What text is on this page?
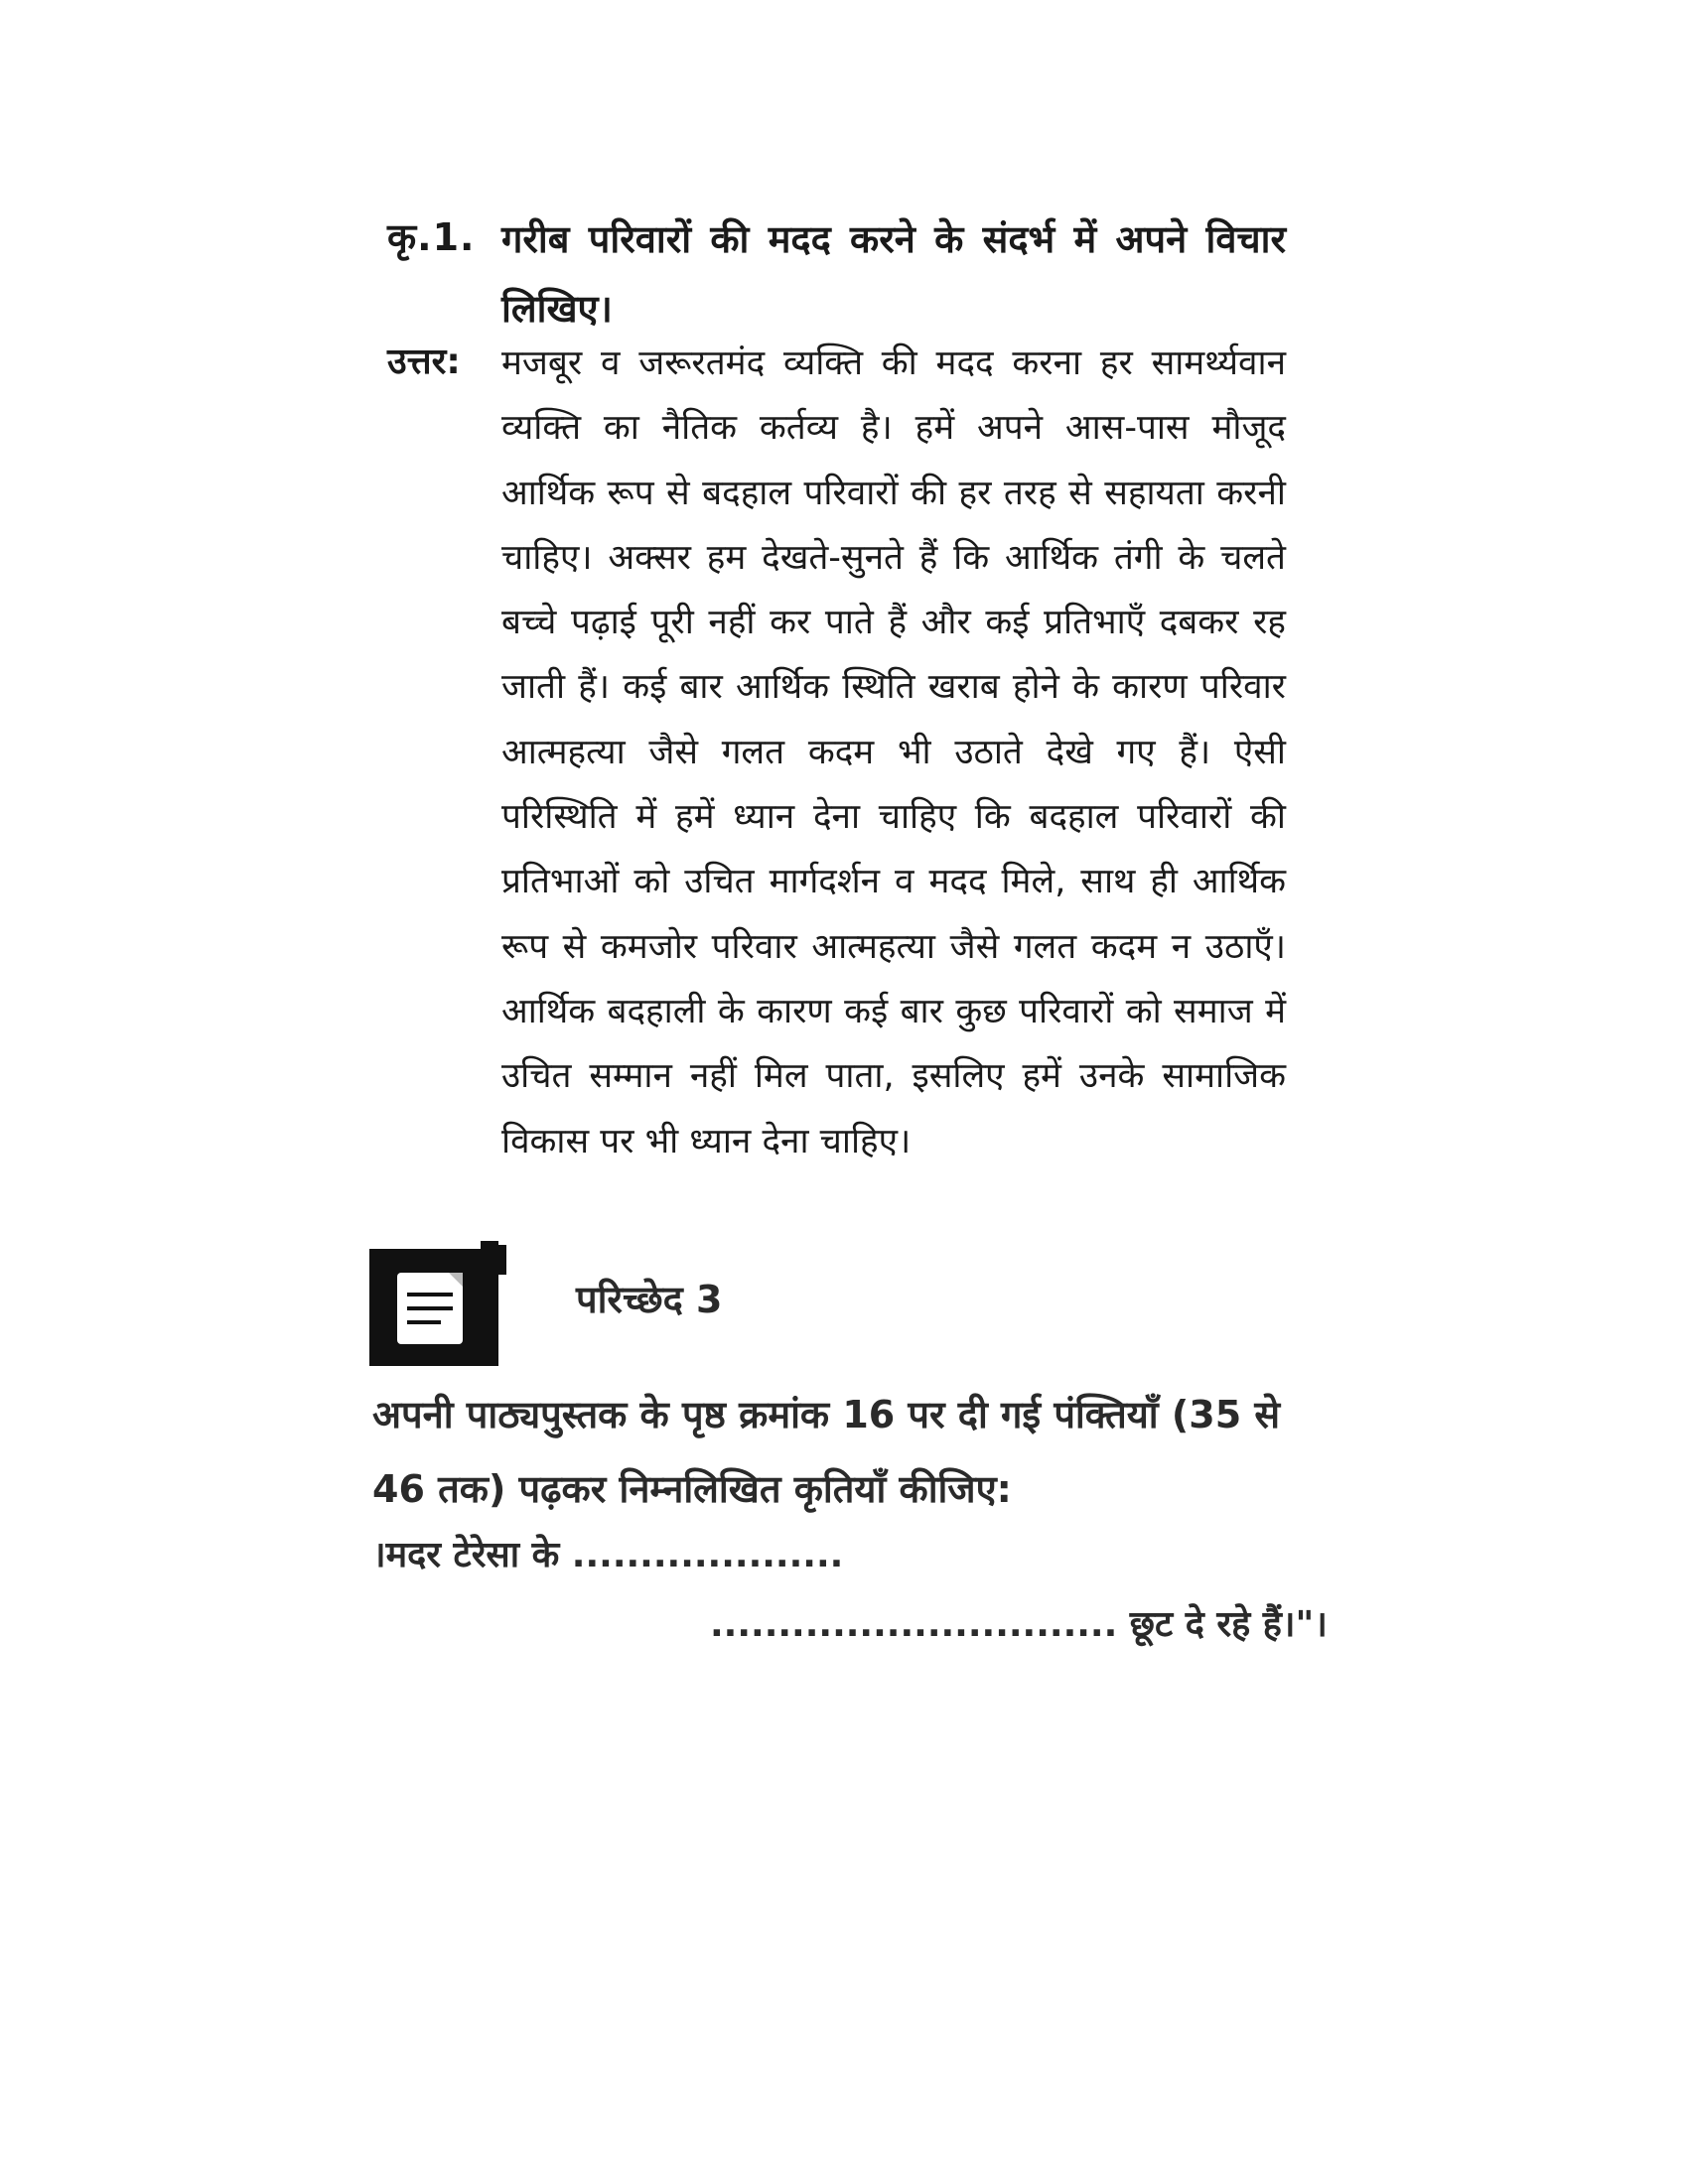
कृ.1. गरीब परिवारों की मदद करने के संदर्भ में अपने विचार लिखिए।
उत्तर: मजबूर व जरूरतमंद व्यक्ति की मदद करना हर सामर्थ्यवान व्यक्ति का नैतिक कर्तव्य है। हमें अपने आस-पास मौजूद आर्थिक रूप से बदहाल परिवारों की हर तरह से सहायता करनी चाहिए। अक्सर हम देखते-सुनते हैं कि आर्थिक तंगी के चलते बच्चे पढ़ाई पूरी नहीं कर पाते हैं और कई प्रतिभाएँ दबकर रह जाती हैं। कई बार आर्थिक स्थिति खराब होने के कारण परिवार आत्महत्या जैसे गलत कदम भी उठाते देखे गए हैं। ऐसी परिस्थिति में हमें ध्यान देना चाहिए कि बदहाल परिवारों की प्रतिभाओं को उचित मार्गदर्शन व मदद मिले, साथ ही आर्थिक रूप से कमजोर परिवार आत्महत्या जैसे गलत कदम न उठाएँ। आर्थिक बदहाली के कारण कई बार कुछ परिवारों को समाज में उचित सम्मान नहीं मिल पाता, इसलिए हमें उनके सामाजिक विकास पर भी ध्यान देना चाहिए।
परिच्छेद 3
अपनी पाठ्यपुस्तक के पृष्ठ क्रमांक 16 पर दी गई पंक्तियाँ (35 से 46 तक) पढ़कर निम्नलिखित कृतियाँ कीजिए:
।मदर टेरेसा के ....................
.............................. छूट दे रहे हैं।"।
